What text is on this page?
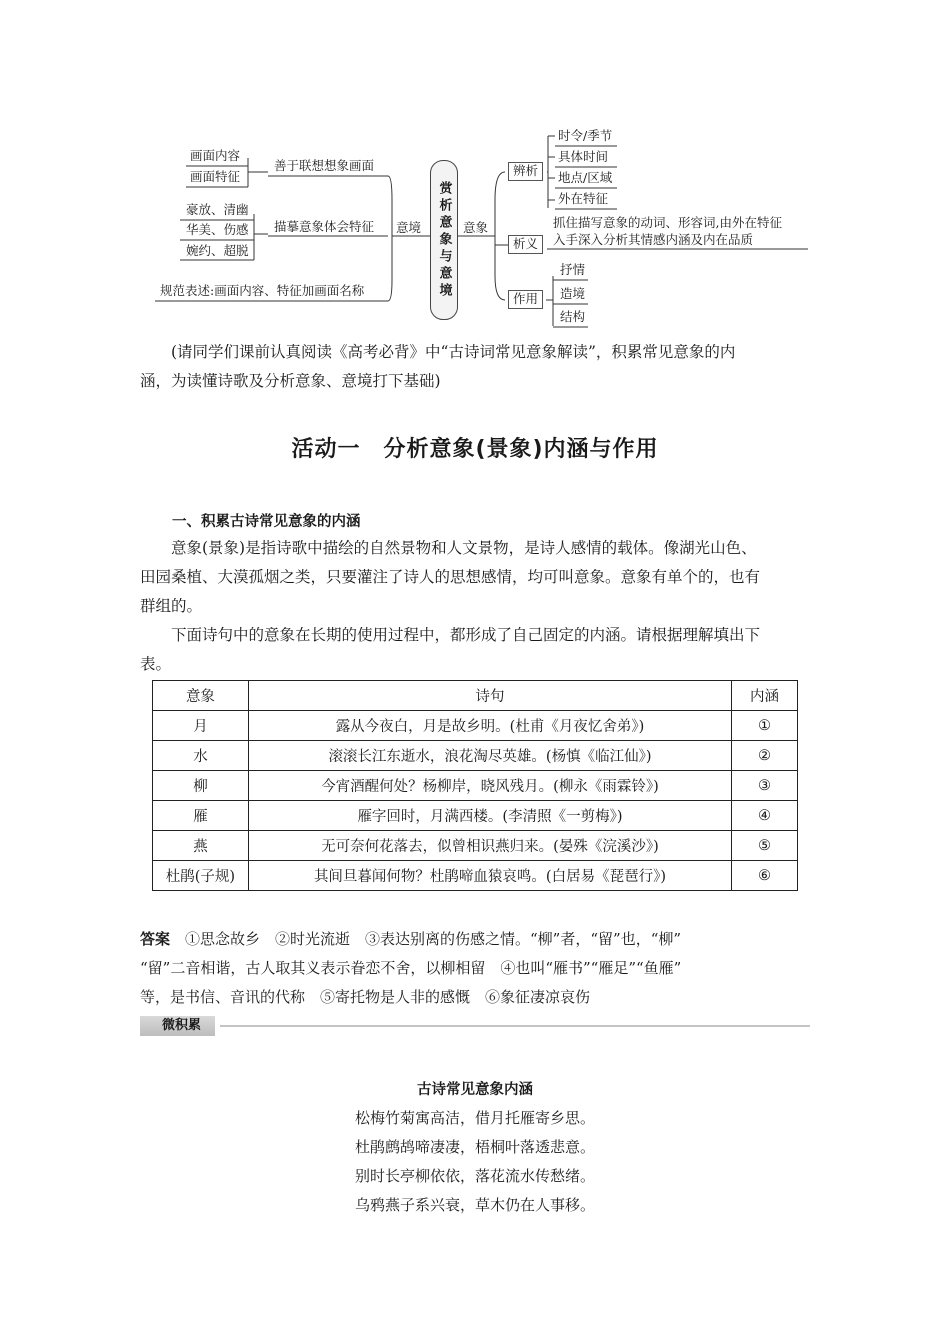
画面内容
画面特征
善于联想想象画面
豪放、清幽
华美、伤感
婉约、超脱
描摹意象体会特征
规范表述:画面内容、特征加画面名称
意境 赏析意象与意境 意象
辨析
时令/季节
具体时间
地点/区域
外在特征
析义
抓住描写意象的动词、形容词,由外在特征
入手深入分析其情感内涵及内在品质
作用
抒情
造境
结构
(请同学们课前认真阅读《高考必背》中“古诗词常见意象解读”，积累常见意象的内
涵，为读懂诗歌及分析意象、意境打下基础)
活动一　分析意象(景象)内涵与作用
一、积累古诗常见意象的内涵
意象(景象)是指诗歌中描绘的自然景物和人文景物，是诗人感情的载体。像湖光山色、
田园桑植、大漠孤烟之类，只要灌注了诗人的思想感情，均可叫意象。意象有单个的，也有
群组的。
下面诗句中的意象在长期的使用过程中，都形成了自己固定的内涵。请根据理解填出下
表。
意象	诗句	内涵
月	露从今夜白，月是故乡明。(杜甫《月夜忆舍弟》)	①
水	滚滚长江东逝水，浪花淘尽英雄。(杨慎《临江仙》)	②
柳	今宵酒醒何处？杨柳岸，晓风残月。(柳永《雨霖铃》)	③
雁	雁字回时，月满西楼。(李清照《一剪梅》)	④
燕	无可奈何花落去，似曾相识燕归来。(晏殊《浣溪沙》)	⑤
杜鹃(子规)	其间旦暮闻何物？杜鹃啼血猿哀鸣。(白居易《琵琶行》)	⑥
答案　①思念故乡　②时光流逝　③表达别离的伤感之情。“柳”者，“留”也，“柳”
“留”二音相谐，古人取其义表示眷恋不舍，以柳相留　④也叫“雁书”“雁足”“鱼雁”
等，是书信、音讯的代称　⑤寄托物是人非的感慨　⑥象征凄凉哀伤
微积累
古诗常见意象内涵
松梅竹菊寓高洁，借月托雁寄乡思。
杜鹃鹧鸪啼凄凄，梧桐叶落透悲意。
别时长亭柳依依，落花流水传愁绪。
乌鸦燕子系兴衰，草木仍在人事移。
